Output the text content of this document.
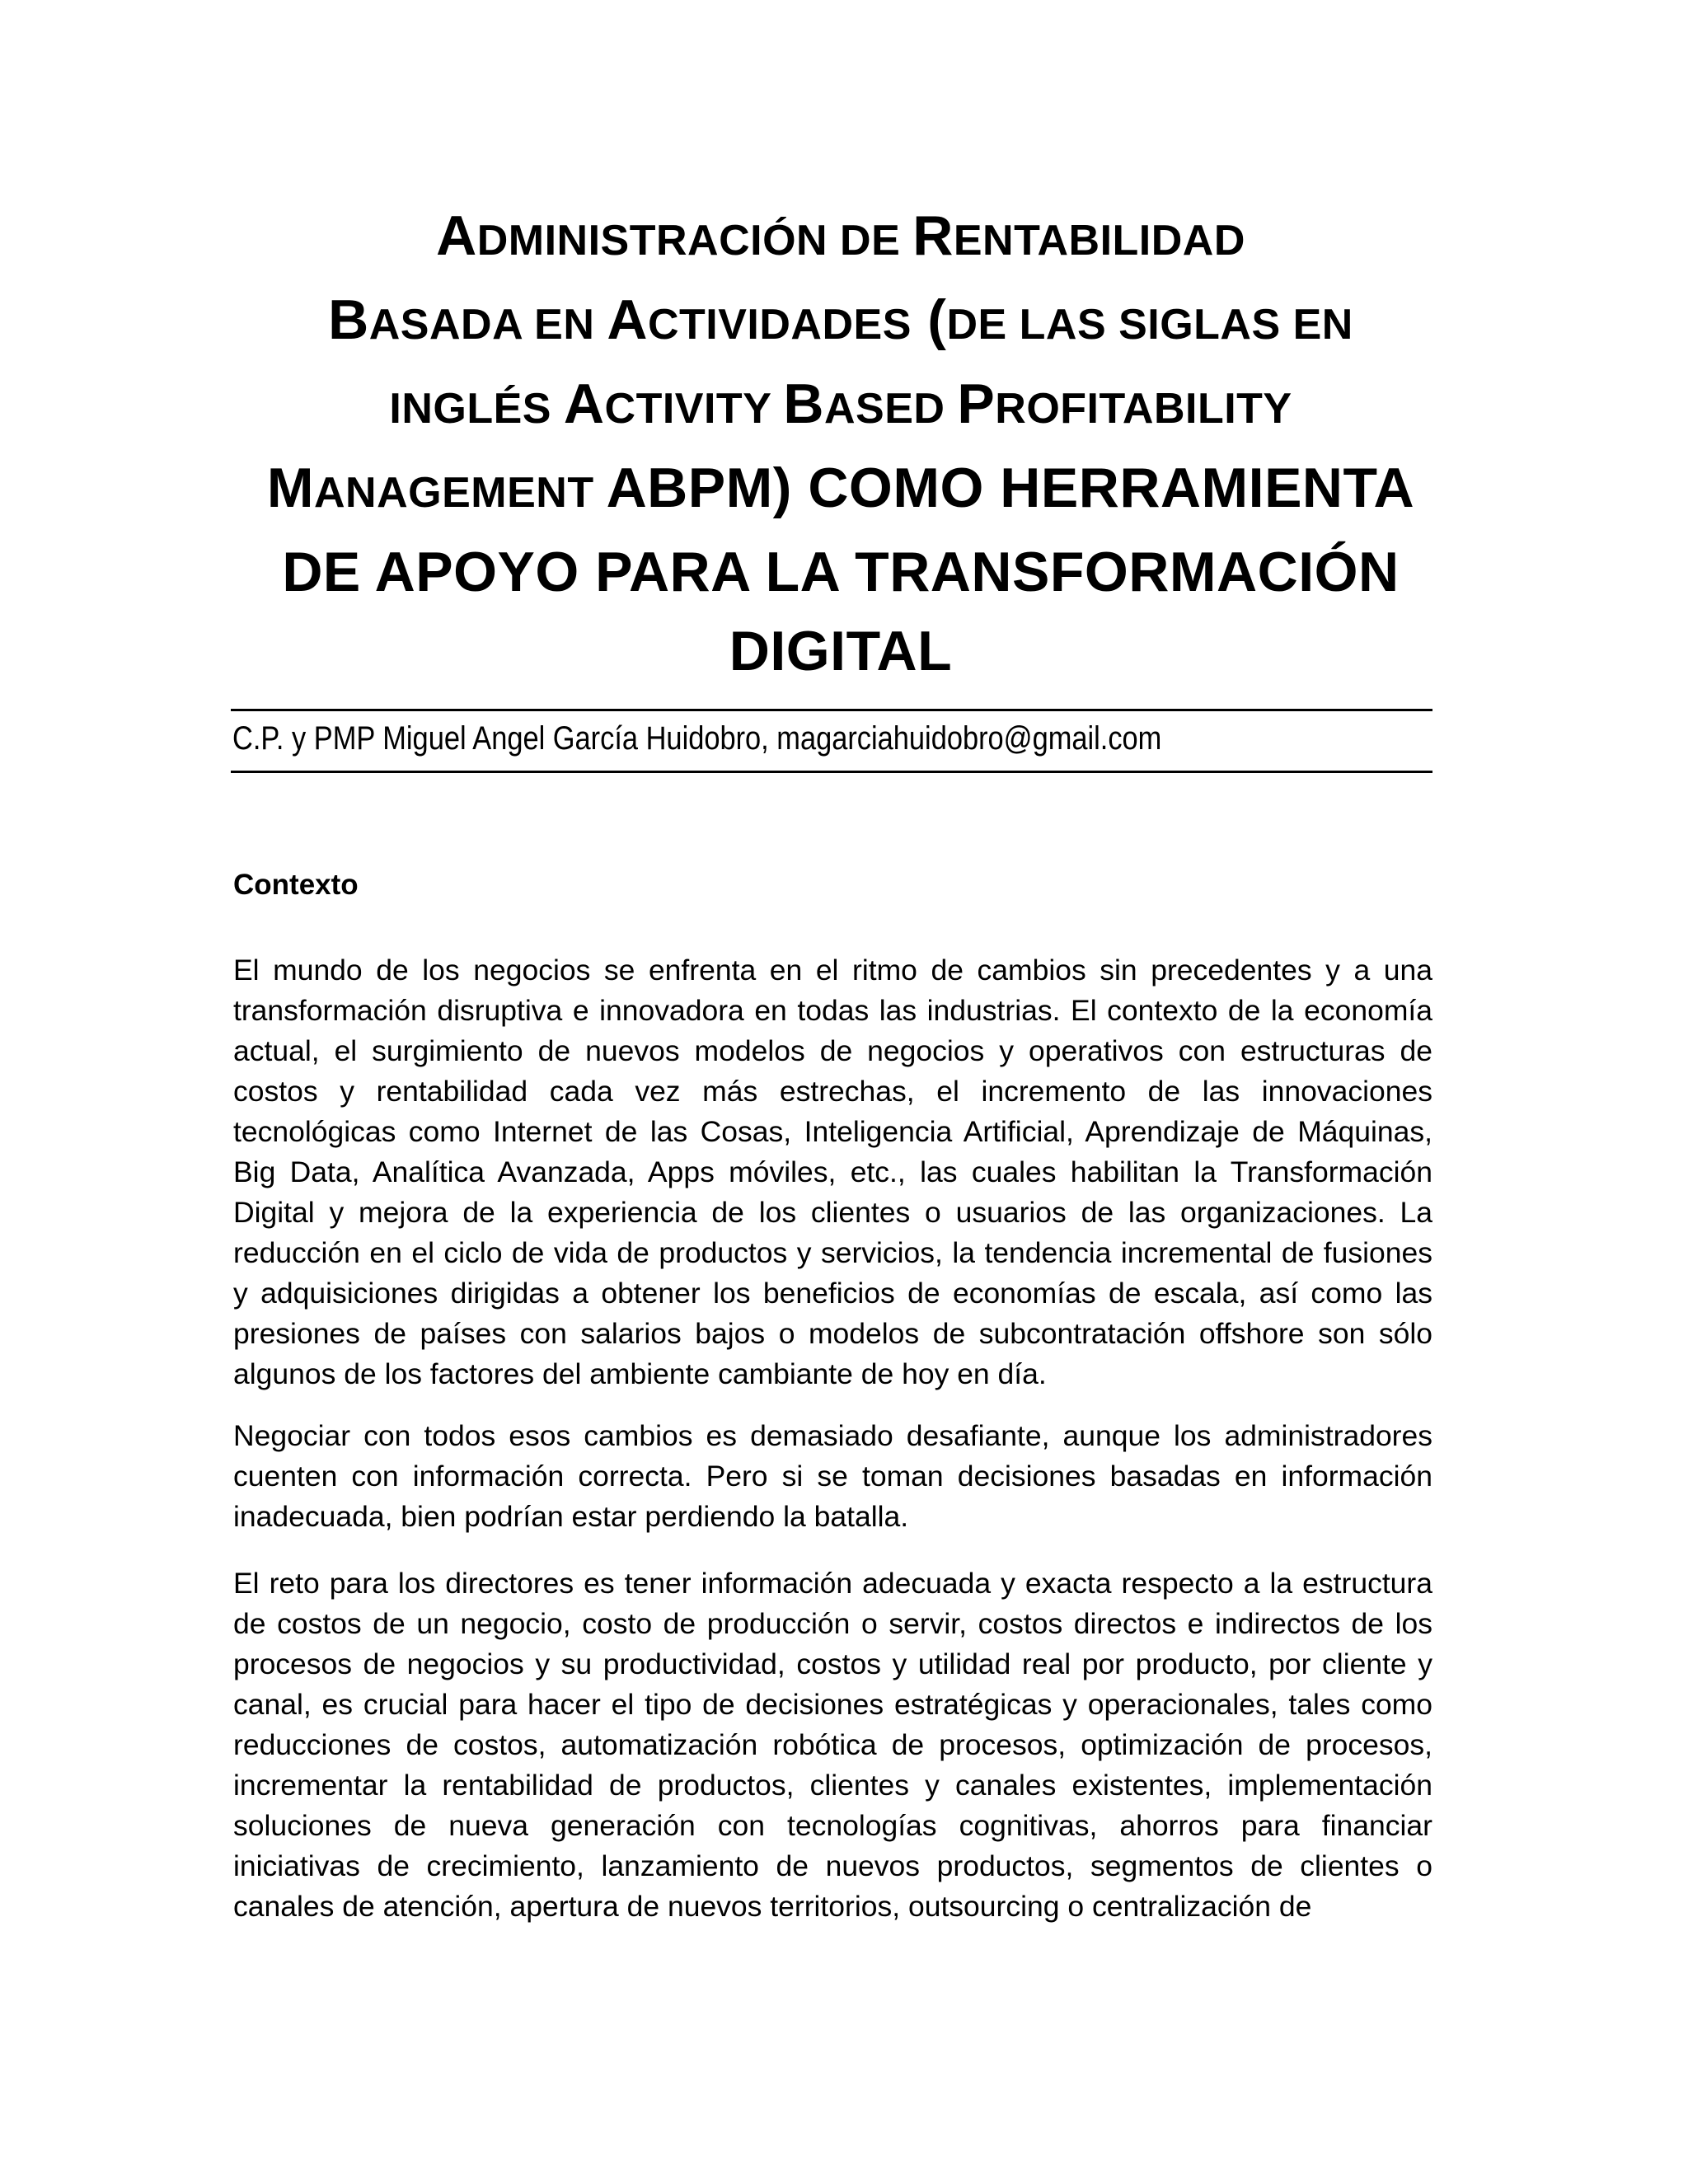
ADMINISTRACIÓN DE RENTABILIDAD
BASADA EN ACTIVIDADES (DE LAS SIGLAS EN
INGLÉS ACTIVITY BASED PROFITABILITY
MANAGEMENT ABPM) COMO HERRAMIENTA
DE APOYO PARA LA TRANSFORMACIÓN
DIGITAL
C.P. y PMP Miguel Angel García Huidobro, magarciahuidobro@gmail.com
Contexto

El mundo de los negocios se enfrenta en el ritmo de cambios sin precedentes y a una transformación disruptiva e innovadora en todas las industrias. El contexto de la economía actual, el surgimiento de nuevos modelos de negocios y operativos con estructuras de costos y rentabilidad cada vez más estrechas, el incremento de las innovaciones tecnológicas como Internet de las Cosas, Inteligencia Artificial, Aprendizaje de Máquinas, Big Data, Analítica Avanzada, Apps móviles, etc., las cuales habilitan la Transformación Digital y mejora de la experiencia de los clientes o usuarios de las organizaciones. La reducción en el ciclo de vida de productos y servicios, la tendencia incremental de fusiones y adquisiciones dirigidas a obtener los beneficios de economías de escala, así como las presiones de países con salarios bajos o modelos de subcontratación offshore son sólo algunos de los factores del ambiente cambiante de hoy en día.

Negociar con todos esos cambios es demasiado desafiante, aunque los administradores cuenten con información correcta. Pero si se toman decisiones basadas en información inadecuada, bien podrían estar perdiendo la batalla.

El reto para los directores es tener información adecuada y exacta respecto a la estructura de costos de un negocio, costo de producción o servir, costos directos e indirectos de los procesos de negocios y su productividad, costos y utilidad real por producto, por cliente y canal, es crucial para hacer el tipo de decisiones estratégicas y operacionales, tales como reducciones de costos, automatización robótica de procesos, optimización de procesos, incrementar la rentabilidad de productos, clientes y canales existentes, implementación soluciones de nueva generación con tecnologías cognitivas, ahorros para financiar iniciativas de crecimiento, lanzamiento de nuevos productos, segmentos de clientes o canales de atención, apertura de nuevos territorios, outsourcing o centralización de
